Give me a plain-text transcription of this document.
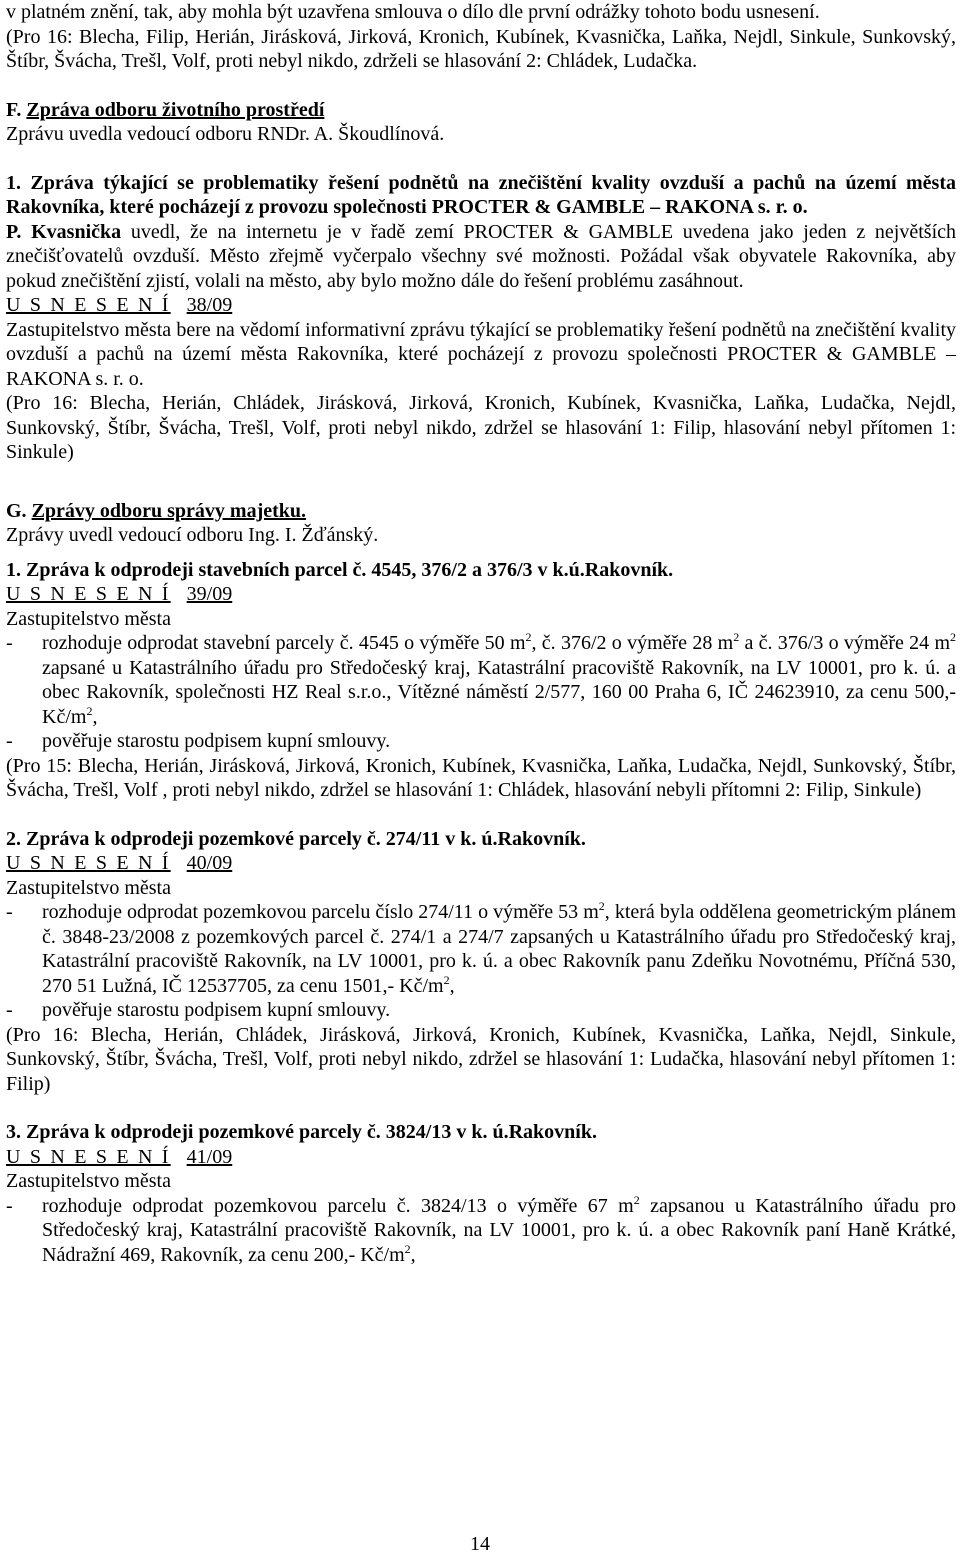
v platném znění, tak, aby mohla být uzavřena smlouva o dílo dle první odrážky tohoto bodu usnesení.

(Pro 16: Blecha, Filip, Herián, Jirásková, Jirková, Kronich, Kubínek, Kvasnička, Laňka, Nejdl, Sinkule, Sunkovský, Štíbr, Švácha, Trešl, Volf, proti nebyl nikdo, zdrželi se hlasování 2: Chládek, Ludačka.

F. Zpráva odboru životního prostředí

Zprávu uvedla vedoucí odboru RNDr. A. Škoudlínová.

1. Zpráva týkající se problematiky řešení podnětů na znečištění kvality ovzduší a pachů na území města Rakovníka, které pocházejí z provozu společnosti PROCTER & GAMBLE – RAKONA s. r. o.

P. Kvasnička uvedl, že na internetu je v řadě zemí PROCTER & GAMBLE uvedena jako jeden z největších znečišťovatelů ovzduší. Město zřejmě vyčerpalo všechny své možnosti. Požádal však obyvatele Rakovníka, aby pokud znečištění zjistí, volali na město, aby bylo možno dále do řešení problému zasáhnout.

U S N E S E N Í 38/09

Zastupitelstvo města bere na vědomí informativní zprávu týkající se problematiky řešení podnětů na znečištění kvality ovzduší a pachů na území města Rakovníka, které pocházejí z provozu společnosti PROCTER & GAMBLE – RAKONA s. r. o.

(Pro 16: Blecha, Herián, Chládek, Jirásková, Jirková, Kronich, Kubínek, Kvasnička, Laňka, Ludačka, Nejdl, Sunkovský, Štíbr, Švácha, Trešl, Volf, proti nebyl nikdo, zdržel se hlasování 1: Filip, hlasování nebyl přítomen 1: Sinkule)

G. Zprávy odboru správy majetku.

Zprávy uvedl vedoucí odboru Ing. I. Žďánský.

1. Zpráva k odprodeji stavebních parcel č. 4545, 376/2 a 376/3 v k.ú.Rakovník.

U S N E S E N Í 39/09

Zastupitelstvo města

-	rozhoduje odprodat stavební parcely č. 4545 o výměře 50 $m^2$, č. 376/2 o výměře 28 $m^2$ a č. 376/3 o výměře 24 $m^2$ zapsané u Katastrálního úřadu pro Středočeský kraj, Katastrální pracoviště Rakovník, na LV 10001, pro k. ú. a obec Rakovník, společnosti HZ Real s.r.o., Vítězné náměstí 2/577, 160 00 Praha 6, IČ 24623910, za cenu 500,- $Kč/m^2$,
-	pověřuje starostu podpisem kupní smlouvy.

(Pro 15: Blecha, Herián, Jirásková, Jirková, Kronich, Kubínek, Kvasnička, Laňka, Ludačka, Nejdl, Sunkovský, Štíbr, Švácha, Trešl, Volf , proti nebyl nikdo, zdržel se hlasování 1: Chládek, hlasování nebyli přítomni 2: Filip, Sinkule)

2. Zpráva k odprodeji pozemkové parcely č. 274/11 v k. ú.Rakovník.

U S N E S E N Í 40/09

Zastupitelstvo města

-	rozhoduje odprodat pozemkovou parcelu číslo 274/11 o výměře 53 $m^2$, která byla oddělena geometrickým plánem č. 3848-23/2008 z pozemkových parcel č. 274/1 a 274/7 zapsaných u Katastrálního úřadu pro Středočeský kraj, Katastrální pracoviště Rakovník, na LV 10001, pro k. ú. a obec Rakovník panu Zdeňku Novotnému, Příčná 530, 270 51 Lužná, IČ 12537705, za cenu 1501,- $Kč/m^2$,
-	pověřuje starostu podpisem kupní smlouvy.

(Pro 16: Blecha, Herián, Chládek, Jirásková, Jirková, Kronich, Kubínek, Kvasnička, Laňka, Nejdl, Sinkule, Sunkovský, Štíbr, Švácha, Trešl, Volf, proti nebyl nikdo, zdržel se hlasování 1: Ludačka, hlasování nebyl přítomen 1: Filip)

3. Zpráva k odprodeji pozemkové parcely č. 3824/13 v k. ú.Rakovník.

U S N E S E N Í 41/09

Zastupitelstvo města

-	rozhoduje odprodat pozemkovou parcelu č. 3824/13 o výměře 67 $m^2$ zapsanou u Katastrálního úřadu pro Středočeský kraj, Katastrální pracoviště Rakovník, na LV 10001, pro k. ú. a obec Rakovník paní Haně Krátké, Nádražní 469, Rakovník, za cenu 200,- $Kč/m^2$,
14
